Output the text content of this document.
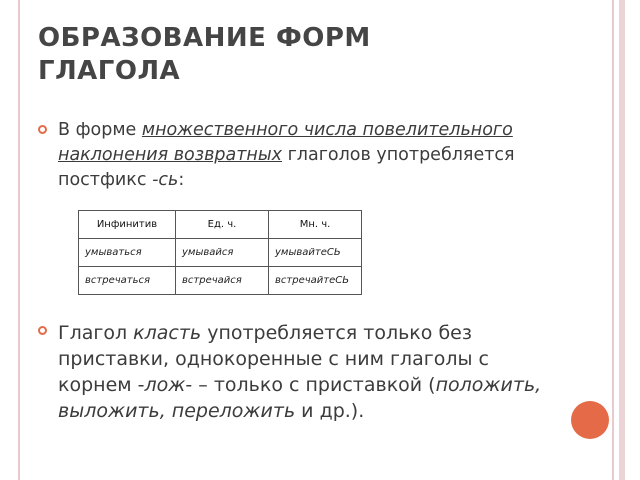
ОБРАЗОВАНИЕ ФОРМ
ГЛАГОЛА
В форме множественного числа повелительного наклонения возвратных глаголов употребляется постфикс -сь:
Инфинитив	Ед. ч.	Мн. ч.
умываться	умывайся	умывайтеСЬ
встречаться	встречайся	встречайтеСЬ
Глагол класть употребляется только без приставки, однокоренные с ним глаголы с корнем -лож- – только с приставкой (положить, выложить, переложить и др.).
